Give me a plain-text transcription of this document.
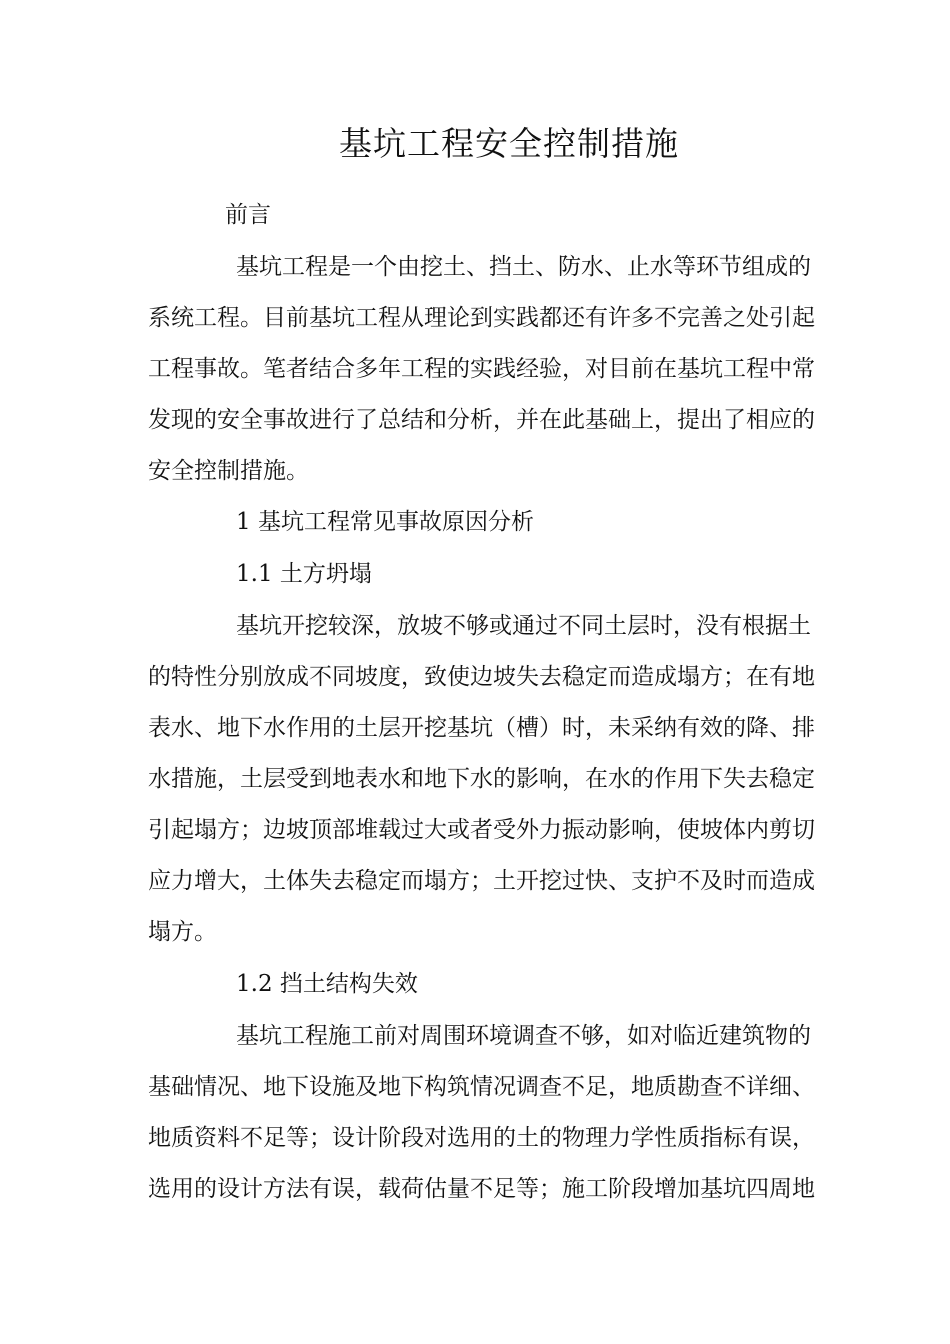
基坑工程安全控制措施
前言
基坑工程是一个由挖土、挡土、防水、止水等环节组成的
系统工程。目前基坑工程从理论到实践都还有许多不完善之处引起
工程事故。笔者结合多年工程的实践经验，对目前在基坑工程中常
发现的安全事故进行了总结和分析，并在此基础上，提出了相应的
安全控制措施。
1 基坑工程常见事故原因分析
1.1 土方坍塌
基坑开挖较深，放坡不够或通过不同土层时，没有根据土
的特性分别放成不同坡度，致使边坡失去稳定而造成塌方；在有地
表水、地下水作用的土层开挖基坑（槽）时，未采纳有效的降、排
水措施，土层受到地表水和地下水的影响，在水的作用下失去稳定
引起塌方；边坡顶部堆载过大或者受外力振动影响，使坡体内剪切
应力增大，土体失去稳定而塌方；土开挖过快、支护不及时而造成
塌方。
1.2 挡土结构失效
基坑工程施工前对周围环境调查不够，如对临近建筑物的
基础情况、地下设施及地下构筑情况调查不足，地质勘查不详细、
地质资料不足等；设计阶段对选用的土的物理力学性质指标有误，
选用的设计方法有误，载荷估量不足等；施工阶段增加基坑四周地
